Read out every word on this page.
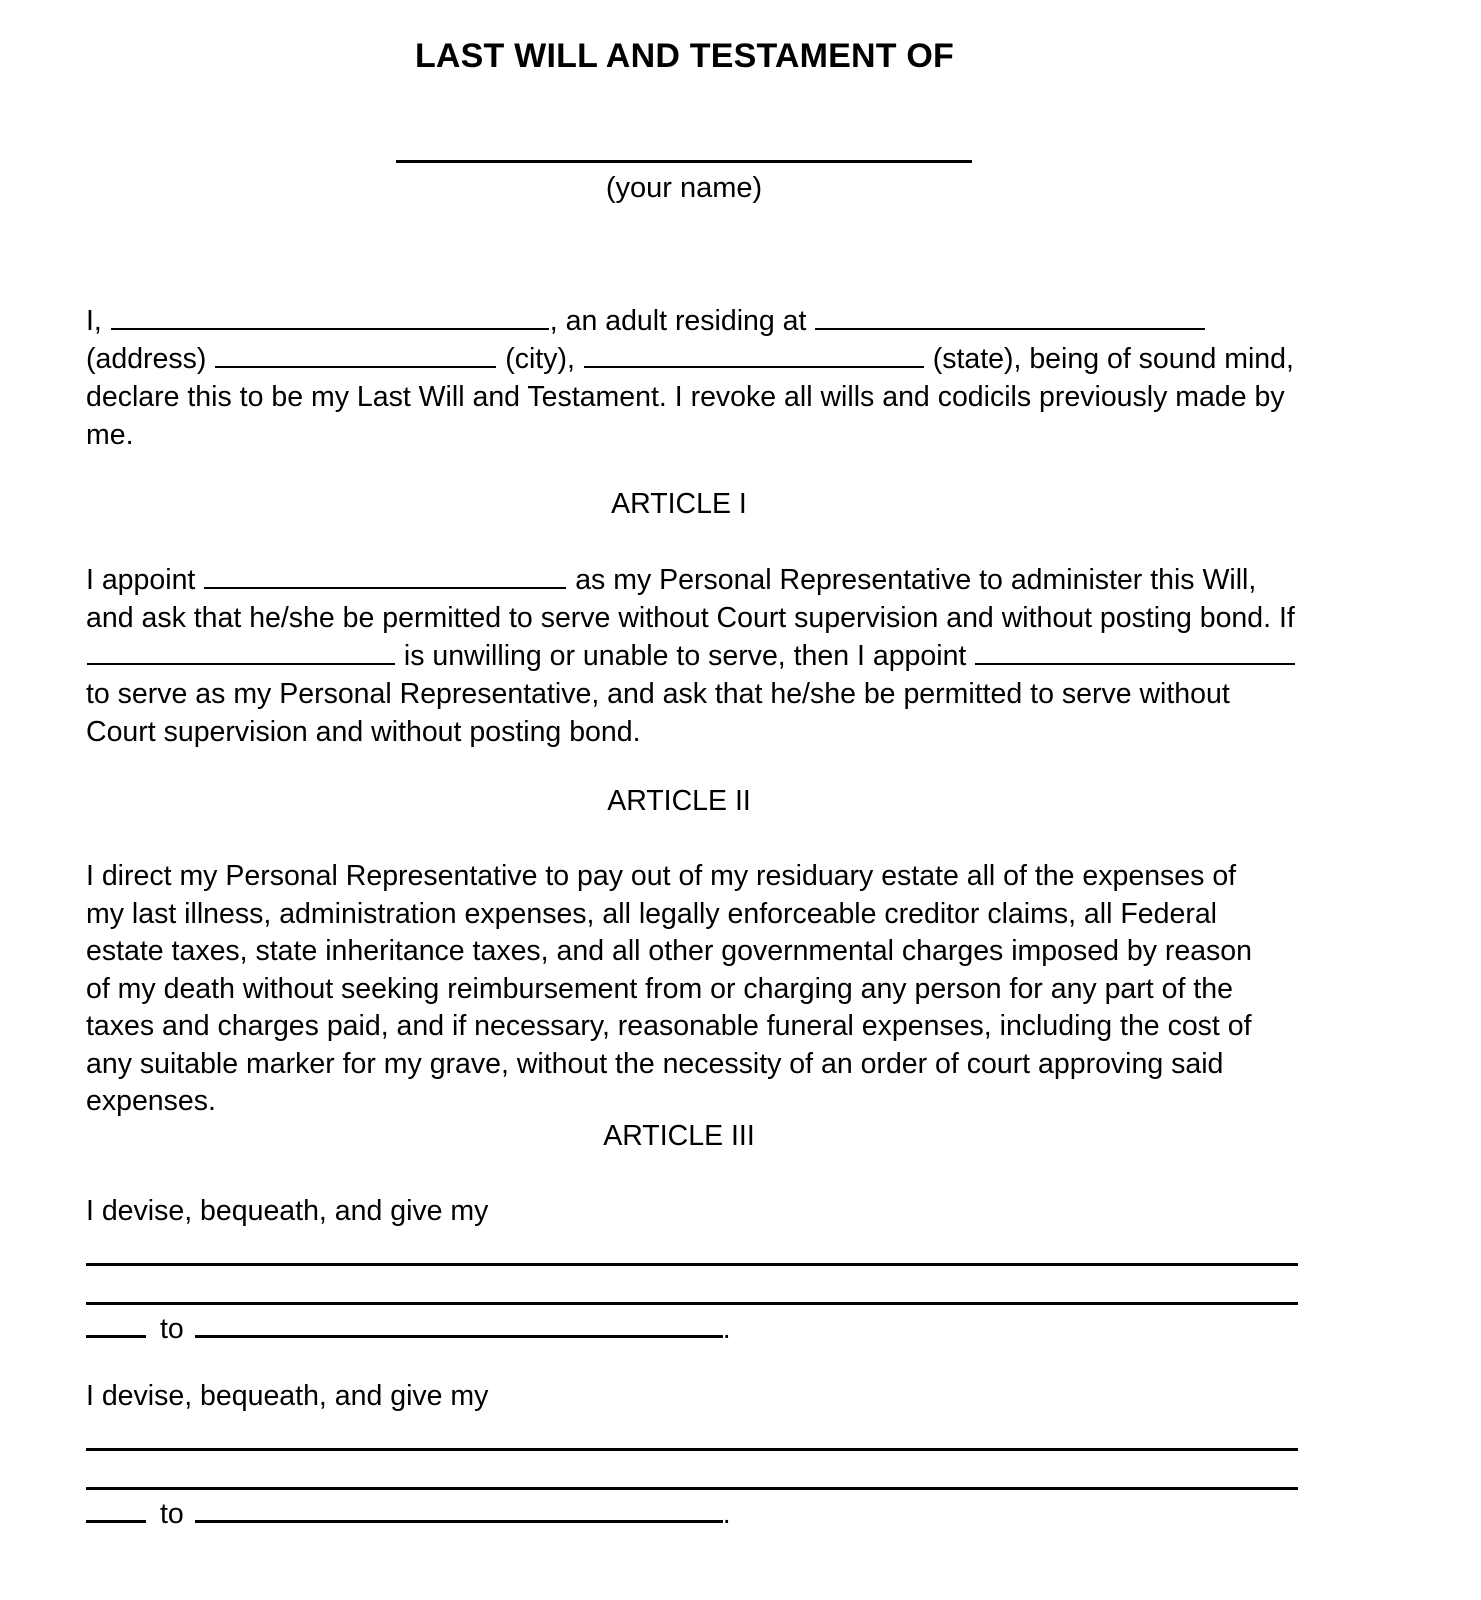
LAST WILL AND TESTAMENT OF
(your name)
I,	, an adult residing at  (address)	(city),	(state), being of sound mind, declare this to be my Last Will and Testament. I revoke all wills and codicils previously made by me.
ARTICLE I
I appoint	as my Personal Representative to administer this Will, and ask that he/she be permitted to serve without Court supervision and without posting bond. If  is unwilling or unable to serve, then I appoint  to serve as my Personal Representative, and ask that he/she be permitted to serve without Court supervision and without posting bond.
ARTICLE II
I direct my Personal Representative to pay out of my residuary estate all of the expenses of my last illness, administration expenses, all legally enforceable creditor claims, all Federal estate taxes, state inheritance taxes, and all other governmental charges imposed by reason of my death without seeking reimbursement from or charging any person for any part of the taxes and charges paid, and if necessary, reasonable funeral expenses, including the cost of any suitable marker for my grave, without the necessity of an order of court approving said expenses.
ARTICLE III
I devise, bequeath, and give my
to	.
I devise, bequeath, and give my
to	.
